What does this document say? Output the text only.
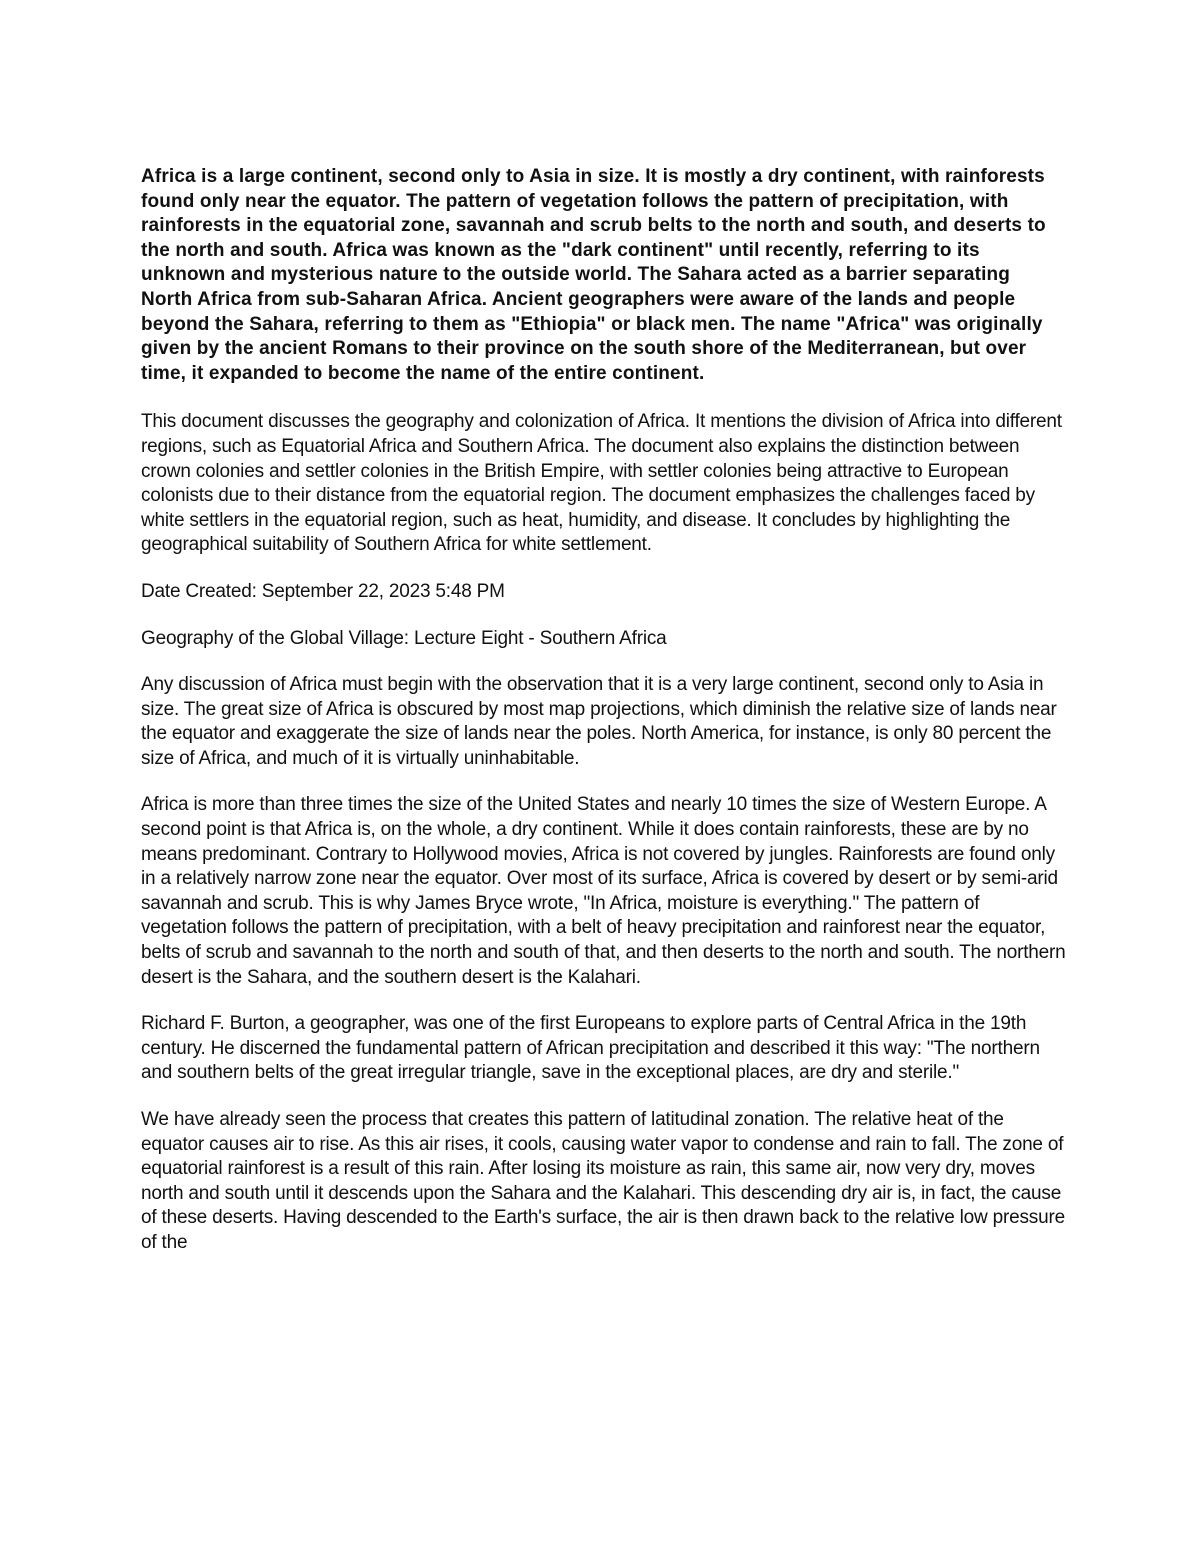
Africa is a large continent, second only to Asia in size. It is mostly a dry continent, with rainforests found only near the equator. The pattern of vegetation follows the pattern of precipitation, with rainforests in the equatorial zone, savannah and scrub belts to the north and south, and deserts to the north and south. Africa was known as the "dark continent" until recently, referring to its unknown and mysterious nature to the outside world. The Sahara acted as a barrier separating North Africa from sub-Saharan Africa. Ancient geographers were aware of the lands and people beyond the Sahara, referring to them as "Ethiopia" or black men. The name "Africa" was originally given by the ancient Romans to their province on the south shore of the Mediterranean, but over time, it expanded to become the name of the entire continent.

This document discusses the geography and colonization of Africa. It mentions the division of Africa into different regions, such as Equatorial Africa and Southern Africa. The document also explains the distinction between crown colonies and settler colonies in the British Empire, with settler colonies being attractive to European colonists due to their distance from the equatorial region. The document emphasizes the challenges faced by white settlers in the equatorial region, such as heat, humidity, and disease. It concludes by highlighting the geographical suitability of Southern Africa for white settlement.

Date Created: September 22, 2023 5:48 PM

Geography of the Global Village: Lecture Eight - Southern Africa

Any discussion of Africa must begin with the observation that it is a very large continent, second only to Asia in size. The great size of Africa is obscured by most map projections, which diminish the relative size of lands near the equator and exaggerate the size of lands near the poles. North America, for instance, is only 80 percent the size of Africa, and much of it is virtually uninhabitable.

Africa is more than three times the size of the United States and nearly 10 times the size of Western Europe. A second point is that Africa is, on the whole, a dry continent. While it does contain rainforests, these are by no means predominant. Contrary to Hollywood movies, Africa is not covered by jungles. Rainforests are found only in a relatively narrow zone near the equator. Over most of its surface, Africa is covered by desert or by semi-arid savannah and scrub. This is why James Bryce wrote, "In Africa, moisture is everything." The pattern of vegetation follows the pattern of precipitation, with a belt of heavy precipitation and rainforest near the equator, belts of scrub and savannah to the north and south of that, and then deserts to the north and south. The northern desert is the Sahara, and the southern desert is the Kalahari.

Richard F. Burton, a geographer, was one of the first Europeans to explore parts of Central Africa in the 19th century. He discerned the fundamental pattern of African precipitation and described it this way: "The northern and southern belts of the great irregular triangle, save in the exceptional places, are dry and sterile."

We have already seen the process that creates this pattern of latitudinal zonation. The relative heat of the equator causes air to rise. As this air rises, it cools, causing water vapor to condense and rain to fall. The zone of equatorial rainforest is a result of this rain. After losing its moisture as rain, this same air, now very dry, moves north and south until it descends upon the Sahara and the Kalahari. This descending dry air is, in fact, the cause of these deserts. Having descended to the Earth's surface, the air is then drawn back to the relative low pressure of the
